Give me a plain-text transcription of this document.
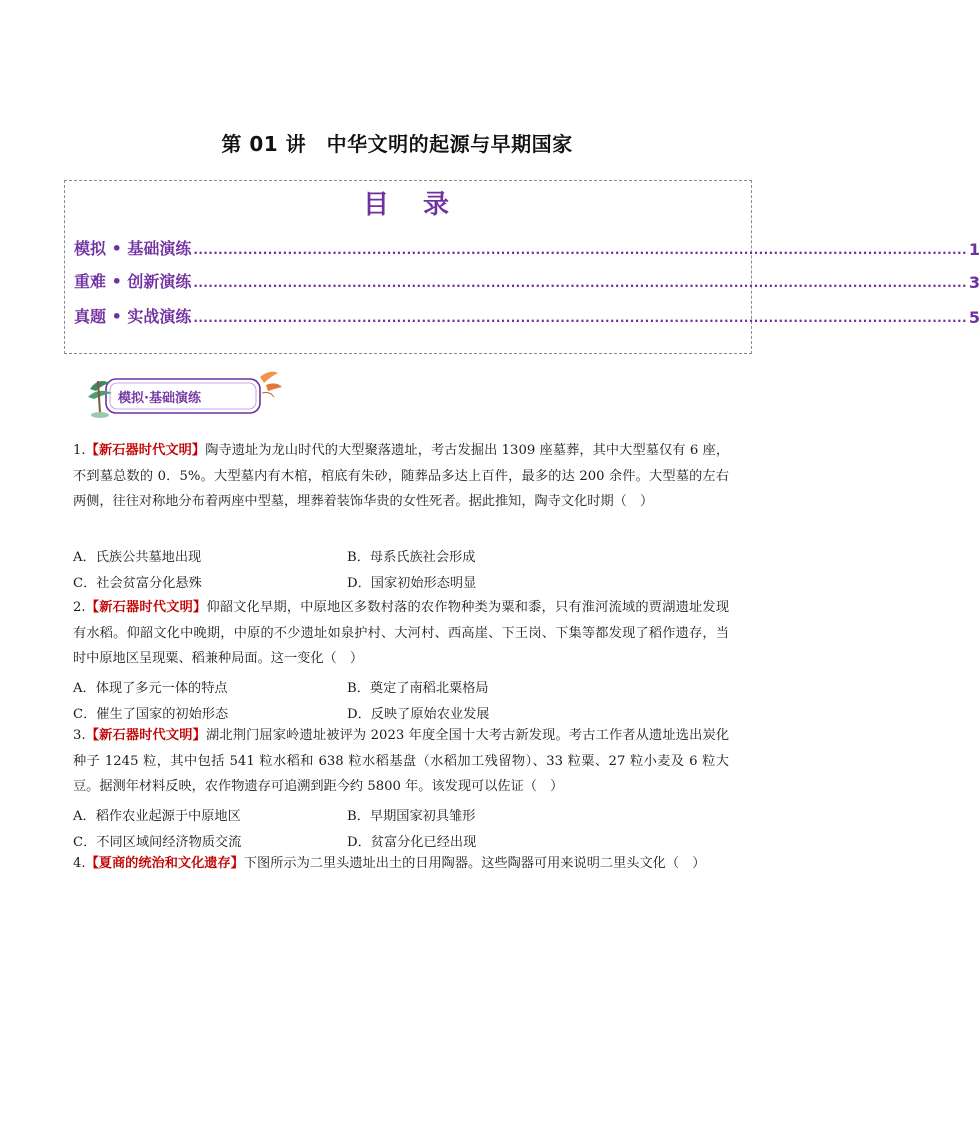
第 01 讲　中华文明的起源与早期国家
目　录
模拟 • 基础演练 ............................................................................................................................................................ 1
重难 • 创新演练 ............................................................................................................................................................ 3
真题 • 实战演练 ............................................................................................................................................................ 5
模拟·基础演练
1.【新石器时代文明】陶寺遗址为龙山时代的大型聚落遗址，考古发掘出 1309 座墓葬，其中大型墓仅有 6 座，不到墓总数的 0．5%。大型墓内有木棺，棺底有朱砂，随葬品多达上百件，最多的达 200 余件。大型墓的左右两侧，往往对称地分布着两座中型墓，埋葬着装饰华贵的女性死者。据此推知，陶寺文化时期（　）
A．氏族公共墓地出现	B．母系氏族社会形成
C．社会贫富分化悬殊	D．国家初始形态明显
2.【新石器时代文明】仰韶文化早期，中原地区多数村落的农作物种类为粟和黍，只有淮河流域的贾湖遗址发现有水稻。仰韶文化中晚期，中原的不少遗址如泉护村、大河村、西高崖、下王岗、下集等都发现了稻作遗存，当时中原地区呈现粟、稻兼种局面。这一变化（　）
A．体现了多元一体的特点	B．奠定了南稻北粟格局
C．催生了国家的初始形态	D．反映了原始农业发展
3.【新石器时代文明】湖北荆门屈家岭遗址被评为 2023 年度全国十大考古新发现。考古工作者从遗址选出炭化种子 1245 粒，其中包括 541 粒水稻和 638 粒水稻基盘（水稻加工残留物）、33 粒粟、27 粒小麦及 6 粒大豆。据测年材料反映，农作物遗存可追溯到距今约 5800 年。该发现可以佐证（　）
A．稻作农业起源于中原地区	B．早期国家初具雏形
C．不同区域间经济物质交流	D．贫富分化已经出现
4.【夏商的统治和文化遗存】下图所示为二里头遗址出土的日用陶器。这些陶器可用来说明二里头文化（　）
